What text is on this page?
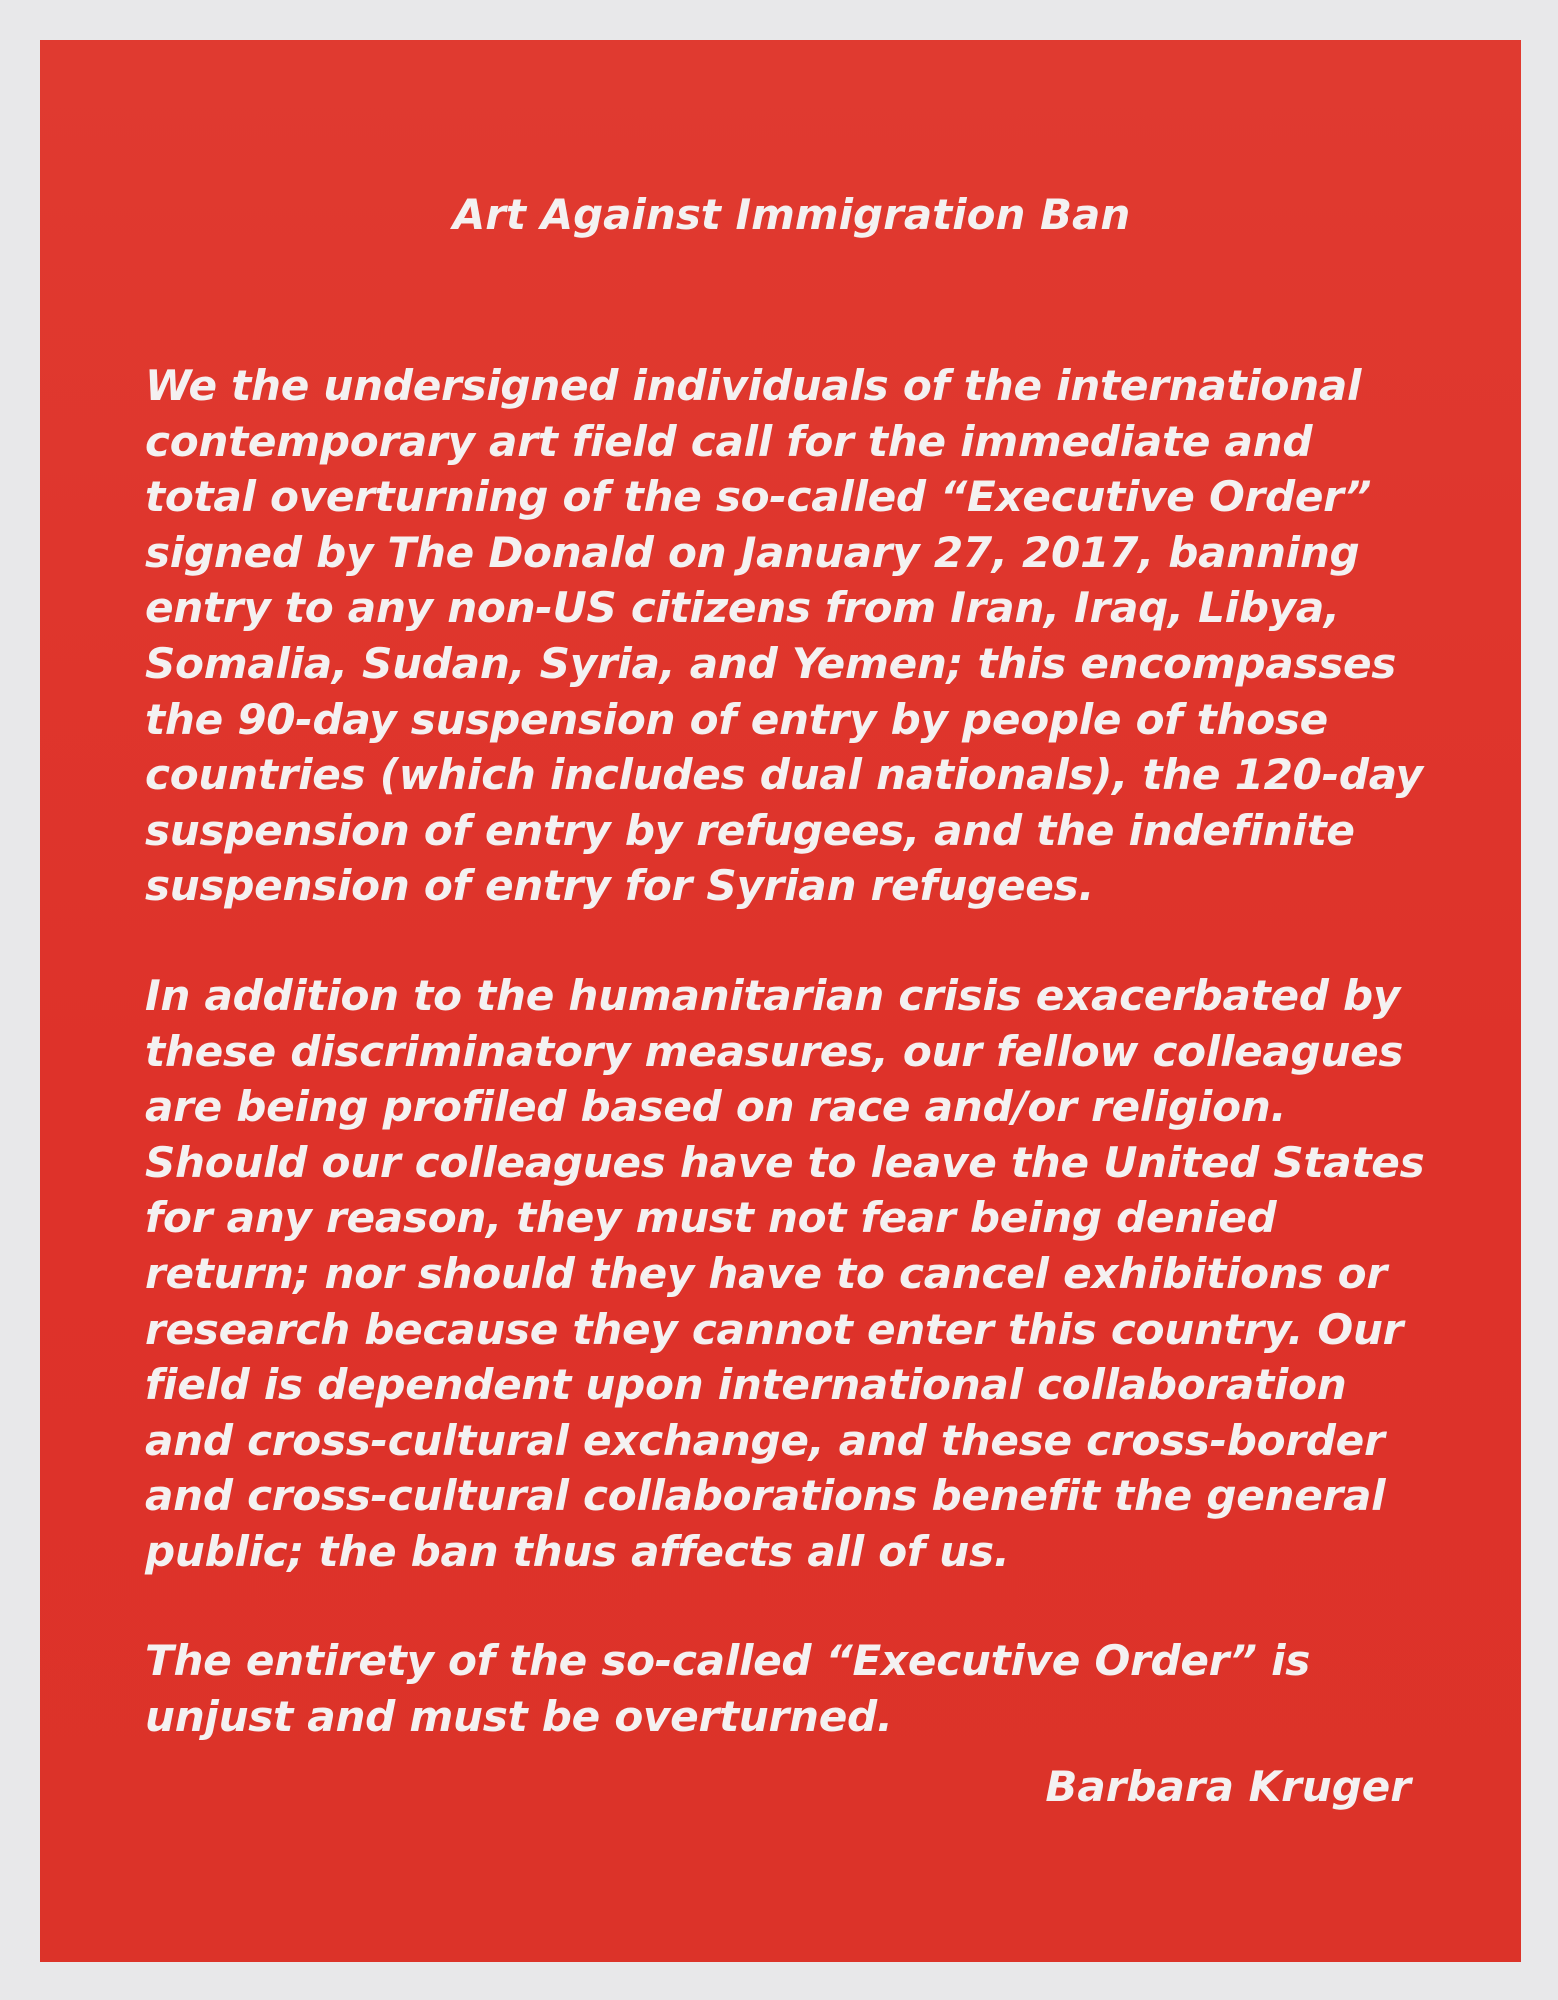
Art Against Immigration Ban

We the undersigned individuals of the international
contemporary art field call for the immediate and
total overturning of the so-called “Executive Order”
signed by The Donald on January 27, 2017, banning
entry to any non-US citizens from Iran, Iraq, Libya,
Somalia, Sudan, Syria, and Yemen; this encompasses
the 90-day suspension of entry by people of those
countries (which includes dual nationals), the 120-day
suspension of entry by refugees, and the indefinite
suspension of entry for Syrian refugees.

In addition to the humanitarian crisis exacerbated by
these discriminatory measures, our fellow colleagues
are being profiled based on race and/or religion.
Should our colleagues have to leave the United States
for any reason, they must not fear being denied
return; nor should they have to cancel exhibitions or
research because they cannot enter this country. Our
field is dependent upon international collaboration
and cross-cultural exchange, and these cross-border
and cross-cultural collaborations benefit the general
public; the ban thus affects all of us.

The entirety of the so-called “Executive Order” is
unjust and must be overturned.

Barbara Kruger
